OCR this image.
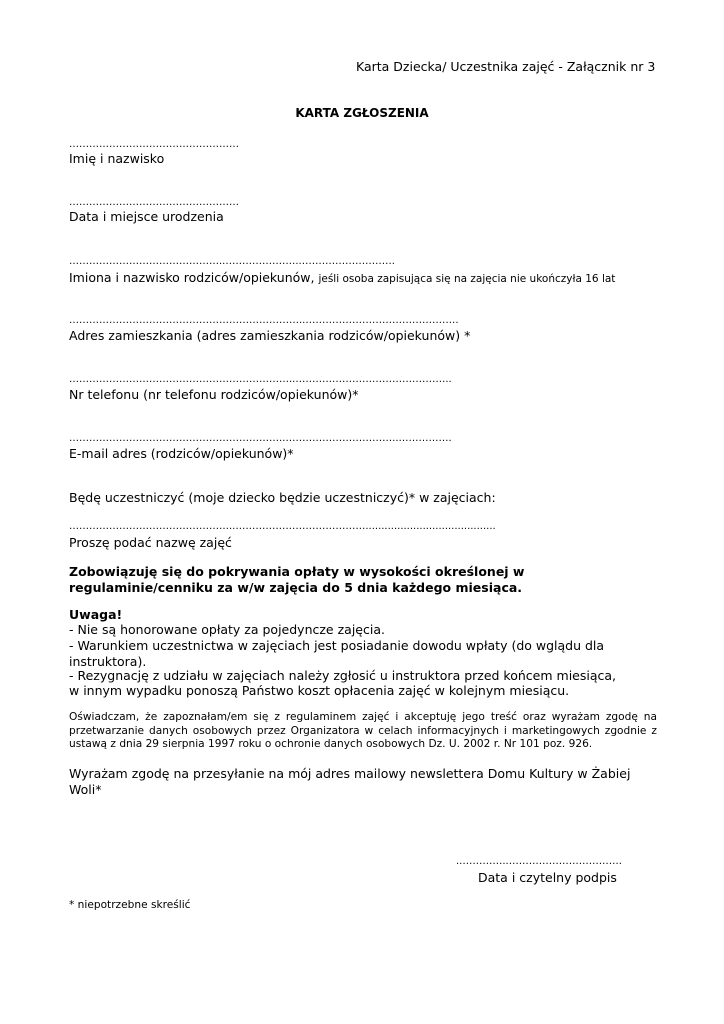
Karta Dziecka/ Uczestnika zajęć - Załącznik nr 3
KARTA ZGŁOSZENIA
……………………………………………
Imię i nazwisko
……………………………………………
Data i miejsce urodzenia
………………………………………..…………………..……………………….
Imiona i nazwisko rodziców/opiekunów, jeśli osoba zapisująca się na zajęcia nie ukończyła 16 lat
……………………………………………………………..……………………………………….
Adres zamieszkania (adres zamieszkania rodziców/opiekunów) *
…………………………………………………………..………………………………………..
Nr telefonu (nr telefonu rodziców/opiekunów)*
……………………………………………………….……………………………..…………….
E-mail adres (rodziców/opiekunów)*
Będę uczestniczyć (moje dziecko będzie uczestniczyć)* w zajęciach:
…………………………………………..………………………………….........................................
Proszę podać nazwę zajęć
Zobowiązuję się do pokrywania opłaty w wysokości określonej w regulaminie/cenniku za w/w zajęcia do 5 dnia każdego miesiąca.
Uwaga!
- Nie są honorowane opłaty za pojedyncze zajęcia.
- Warunkiem uczestnictwa w zajęciach jest posiadanie dowodu wpłaty (do wglądu dla instruktora).
- Rezygnację z udziału w zajęciach należy zgłosić u instruktora przed końcem miesiąca,
w innym wypadku ponoszą Państwo koszt opłacenia zajęć w kolejnym miesiącu.
Oświadczam, że zapoznałam/em się z regulaminem zajęć i akceptuję jego treść oraz wyrażam zgodę na przetwarzanie danych osobowych przez Organizatora w celach informacyjnych i marketingowych zgodnie z ustawą z dnia 29 sierpnia 1997 roku o ochronie danych osobowych Dz. U. 2002 r. Nr 101 poz. 926.
Wyrażam zgodę na przesyłanie na mój adres mailowy newslettera Domu Kultury w Żabiej Woli*
..…………..…………………………….
Data i czytelny podpis
* niepotrzebne skreślić
